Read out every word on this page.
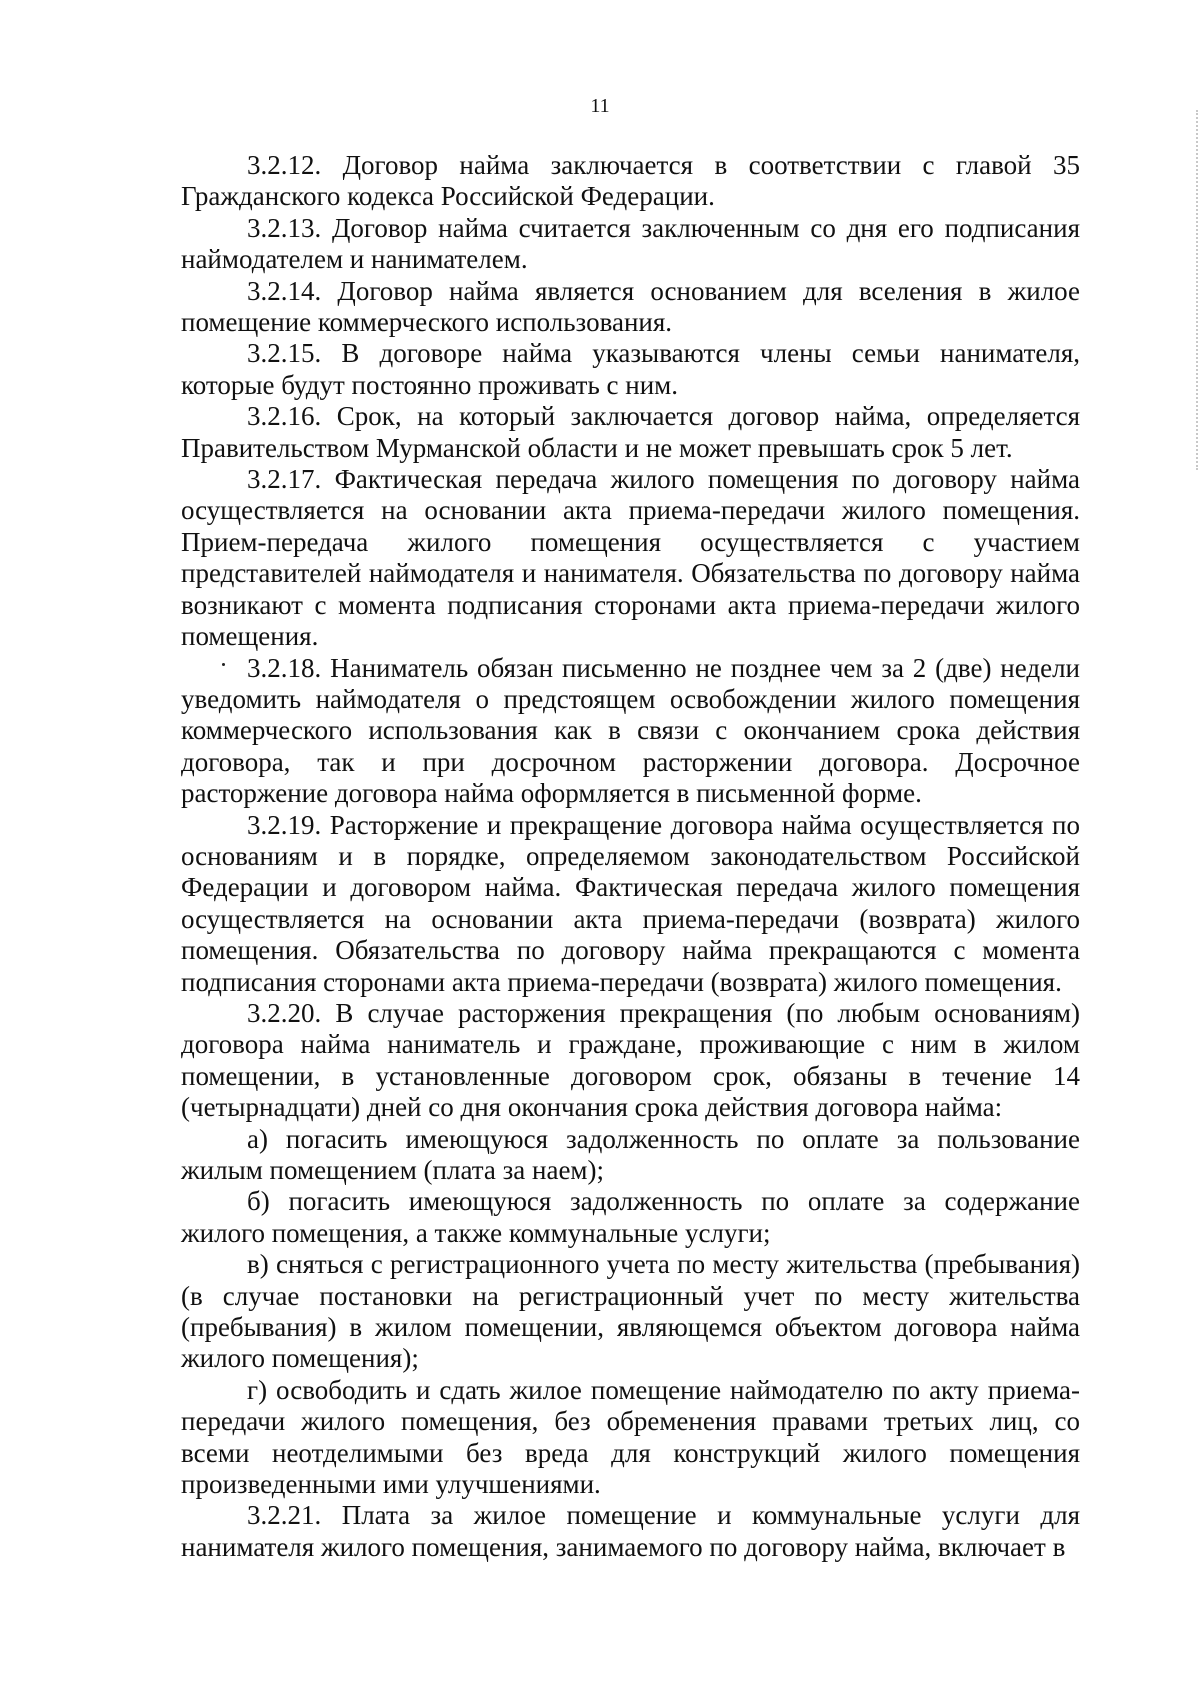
11

3.2.12. Договор найма заключается в соответствии с главой 35 Гражданского кодекса Российской Федерации.

3.2.13. Договор найма считается заключенным со дня его подписания наймодателем и нанимателем.

3.2.14. Договор найма является основанием для вселения в жилое помещение коммерческого использования.

3.2.15. В договоре найма указываются члены семьи нанимателя, которые будут постоянно проживать с ним.

3.2.16. Срок, на который заключается договор найма, определяется Правительством Мурманской области и не может превышать срок 5 лет.

3.2.17. Фактическая передача жилого помещения по договору найма осуществляется на основании акта приема-передачи жилого помещения. Прием-передача жилого помещения осуществляется с участием представителей наймодателя и нанимателя. Обязательства по договору найма возникают с момента подписания сторонами акта приема-передачи жилого помещения.

3.2.18. Наниматель обязан письменно не позднее чем за 2 (две) недели уведомить наймодателя о предстоящем освобождении жилого помещения коммерческого использования как в связи с окончанием срока действия договора, так и при досрочном расторжении договора. Досрочное расторжение договора найма оформляется в письменной форме.

3.2.19. Расторжение и прекращение договора найма осуществляется по основаниям и в порядке, определяемом законодательством Российской Федерации и договором найма. Фактическая передача жилого помещения осуществляется на основании акта приема-передачи (возврата) жилого помещения. Обязательства по договору найма прекращаются с момента подписания сторонами акта приема-передачи (возврата) жилого помещения.

3.2.20. В случае расторжения прекращения (по любым основаниям) договора найма наниматель и граждане, проживающие с ним в жилом помещении, в установленные договором срок, обязаны в течение 14 (четырнадцати) дней со дня окончания срока действия договора найма:

а) погасить имеющуюся задолженность по оплате за пользование жилым помещением (плата за наем);

б) погасить имеющуюся задолженность по оплате за содержание жилого помещения, а также коммунальные услуги;

в) сняться с регистрационного учета по месту жительства (пребывания) (в случае постановки на регистрационный учет по месту жительства (пребывания) в жилом помещении, являющемся объектом договора найма жилого помещения);

г) освободить и сдать жилое помещение наймодателю по акту приема-передачи жилого помещения, без обременения правами третьих лиц, со всеми неотделимыми без вреда для конструкций жилого помещения произведенными ими улучшениями.

3.2.21. Плата за жилое помещение и коммунальные услуги для нанимателя жилого помещения, занимаемого по договору найма, включает в
